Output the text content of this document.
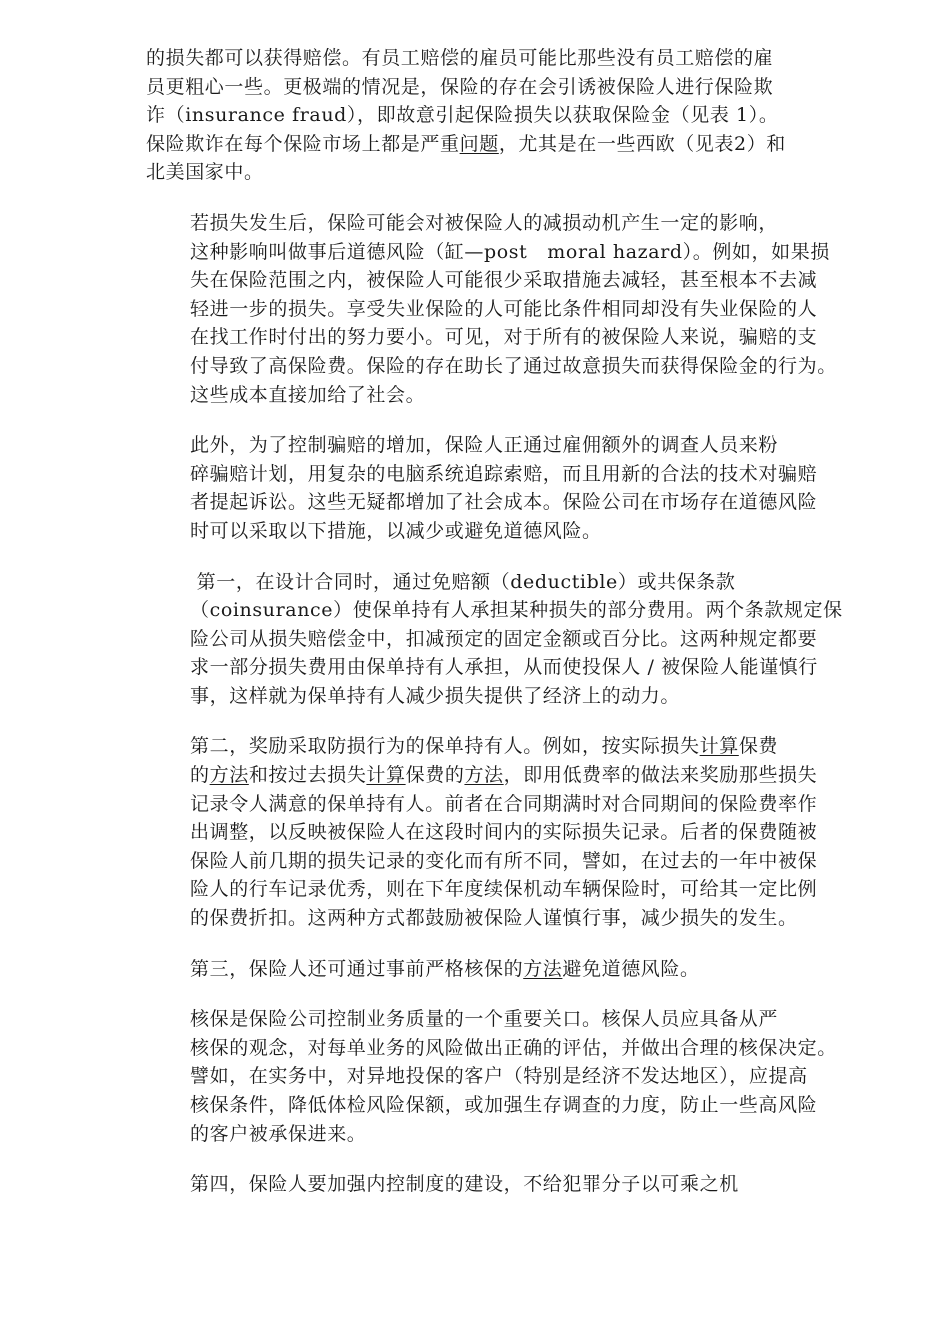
的损失都可以获得赔偿。有员工赔偿的雇员可能比那些没有员工赔偿的雇
员更粗心一些。更极端的情况是，保险的存在会引诱被保险人进行保险欺
诈（insurance fraud），即故意引起保险损失以获取保险金（见表 1）。
保险欺诈在每个保险市场上都是严重问题，尤其是在一些西欧（见表2）和
北美国家中。
若损失发生后，保险可能会对被保险人的减损动机产生一定的影响，
这种影响叫做事后道德风险（缸—post   moral hazard）。例如，如果损
失在保险范围之内，被保险人可能很少采取措施去减轻，甚至根本不去减
轻进一步的损失。享受失业保险的人可能比条件相同却没有失业保险的人
在找工作时付出的努力要小。可见，对于所有的被保险人来说，骗赔的支
付导致了高保险费。保险的存在助长了通过故意损失而获得保险金的行为。
这些成本直接加给了社会。
此外，为了控制骗赔的增加，保险人正通过雇佣额外的调查人员来粉
碎骗赔计划，用复杂的电脑系统追踪索赔，而且用新的合法的技术对骗赔
者提起诉讼。这些无疑都增加了社会成本。保险公司在市场存在道德风险
时可以采取以下措施，以减少或避免道德风险。
第一，在设计合同时，通过免赔额（deductible）或共保条款
（coinsurance）使保单持有人承担某种损失的部分费用。两个条款规定保
险公司从损失赔偿金中，扣减预定的固定金额或百分比。这两种规定都要
求一部分损失费用由保单持有人承担，从而使投保人 / 被保险人能谨慎行
事，这样就为保单持有人减少损失提供了经济上的动力。
第二，奖励采取防损行为的保单持有人。例如，按实际损失计算保费
的方法和按过去损失计算保费的方法，即用低费率的做法来奖励那些损失
记录令人满意的保单持有人。前者在合同期满时对合同期间的保险费率作
出调整，以反映被保险人在这段时间内的实际损失记录。后者的保费随被
保险人前几期的损失记录的变化而有所不同，譬如，在过去的一年中被保
险人的行车记录优秀，则在下年度续保机动车辆保险时，可给其一定比例
的保费折扣。这两种方式都鼓励被保险人谨慎行事，减少损失的发生。
第三，保险人还可通过事前严格核保的方法避免道德风险。
核保是保险公司控制业务质量的一个重要关口。核保人员应具备从严
核保的观念，对每单业务的风险做出正确的评估，并做出合理的核保决定。
譬如，在实务中，对异地投保的客户（特别是经济不发达地区），应提高
核保条件，降低体检风险保额，或加强生存调查的力度，防止一些高风险
的客户被承保进来。
第四，保险人要加强内控制度的建设，不给犯罪分子以可乘之机
